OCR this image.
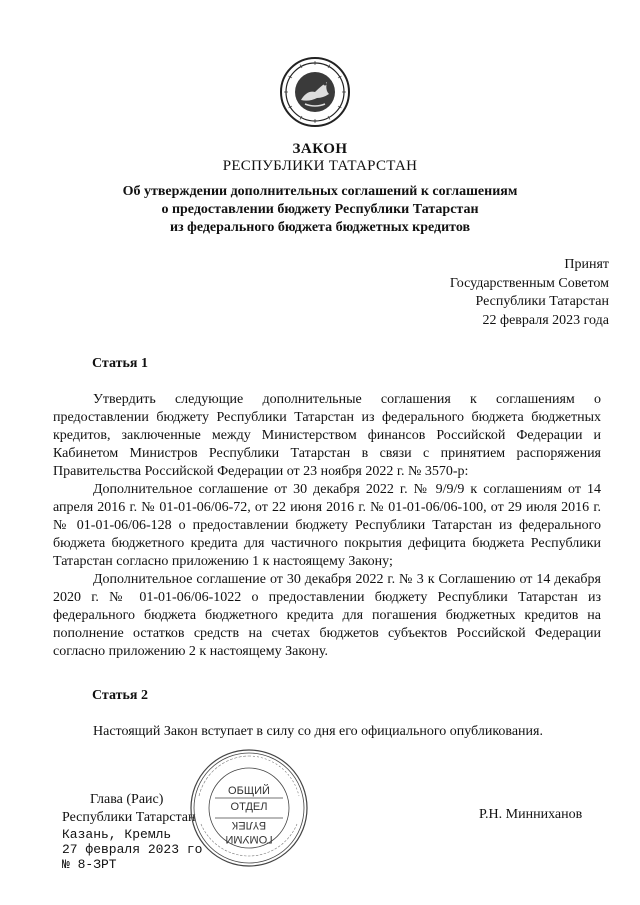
ЗАКОН
РЕСПУБЛИКИ ТАТАРСТАН
Об утверждении дополнительных соглашений к соглашениям
о предоставлении бюджету Республики Татарстан
из федерального бюджета бюджетных кредитов
Принят
Государственным Советом
Республики Татарстан
22 февраля 2023 года
Статья 1

Утвердить следующие дополнительные соглашения к соглашениям о предоставлении бюджету Республики Татарстан из федерального бюджета бюджетных кредитов, заключенные между Министерством финансов Российской Федерации и Кабинетом Министров Республики Татарстан в связи с принятием распоряжения Правительства Российской Федерации от 23 ноября 2022 г. № 3570-р:

Дополнительное соглашение от 30 декабря 2022 г. № 9/9/9 к соглашениям от 14 апреля 2016 г. № 01-01-06/06-72, от 22 июня 2016 г. № 01-01-06/06-100, от 29 июля 2016 г. № 01-01-06/06-128 о предоставлении бюджету Республики Татарстан из федерального бюджета бюджетного кредита для частичного покрытия дефицита бюджета Республики Татарстан согласно приложению 1 к настоящему Закону;

Дополнительное соглашение от 30 декабря 2022 г. № 3 к Соглашению от 14 декабря 2020 г. № 01-01-06/06-1022 о предоставлении бюджету Республики Татарстан из федерального бюджета бюджетного кредита для погашения бюджетных кредитов на пополнение остатков средств на счетах бюджетов субъектов Российской Федерации согласно приложению 2 к настоящему Закону.

Статья 2

Настоящий Закон вступает в силу со дня его официального опубликования.

Глава (Раис)
Республики Татарстан
Казань, Кремль
27 февраля 2023 го
№ 8-ЗРТ
ОБЩИЙ
ОТДЕЛ
БҮЛЕК
ГОМУМИ
Р.Н. Минниханов
